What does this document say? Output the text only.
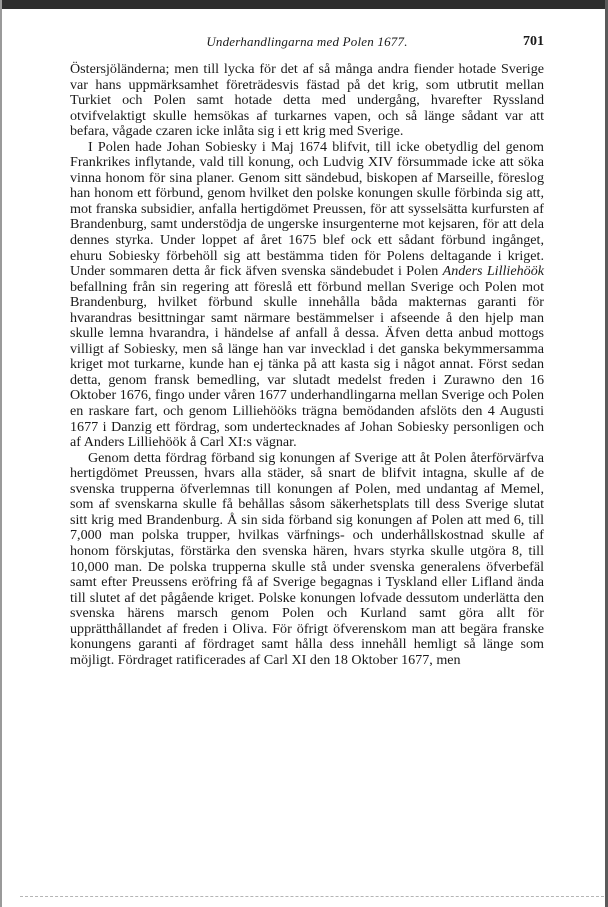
Underhandlingarna med Polen 1677.	701

Östersjöländerna; men till lycka för det af så många andra fiender hotade Sverige var hans uppmärksamhet företrädesvis fästad på det krig, som utbrutit mellan Turkiet och Polen samt hotade detta med undergång, hvarefter Ryssland otvifvelaktigt skulle hemsökas af turkarnes vapen, och så länge sådant var att befara, vågade czaren icke inlåta sig i ett krig med Sverige.

I Polen hade Johan Sobiesky i Maj 1674 blifvit, till icke obetydlig del genom Frankrikes inflytande, vald till konung, och Ludvig XIV försummade icke att söka vinna honom för sina planer. Genom sitt sändebud, biskopen af Marseille, föreslog han honom ett förbund, genom hvilket den polske konungen skulle förbinda sig att, mot franska subsidier, anfalla hertigdömet Preussen, för att sysselsätta kurfursten af Brandenburg, samt understödja de ungerske insurgenterne mot kejsaren, för att dela dennes styrka. Under loppet af året 1675 blef ock ett sådant förbund ingånget, ehuru Sobiesky förbehöll sig att bestämma tiden för Polens deltagande i kriget. Under sommaren detta år fick äfven svenska sändebudet i Polen Anders Lilliehöök befallning från sin regering att föreslå ett förbund mellan Sverige och Polen mot Brandenburg, hvilket förbund skulle innehålla båda makternas garanti för hvarandras besittningar samt närmare bestämmelser i afseende å den hjelp man skulle lemna hvarandra, i händelse af anfall å dessa. Äfven detta anbud mottogs villigt af Sobiesky, men så länge han var invecklad i det ganska bekymmersamma kriget mot turkarne, kunde han ej tänka på att kasta sig i något annat. Först sedan detta, genom fransk bemedling, var slutadt medelst freden i Zurawno den 16 Oktober 1676, fingo under våren 1677 underhandlingarna mellan Sverige och Polen en raskare fart, och genom Lilliehööks trägna bemödanden afslöts den 4 Augusti 1677 i Danzig ett fördrag, som undertecknades af Johan Sobiesky personligen och af Anders Lilliehöök å Carl XI:s vägnar.

Genom detta fördrag förband sig konungen af Sverige att åt Polen återförvärfva hertigdömet Preussen, hvars alla städer, så snart de blifvit intagna, skulle af de svenska trupperna öfverlemnas till konungen af Polen, med undantag af Memel, som af svenskarna skulle få behållas såsom säkerhetsplats till dess Sverige slutat sitt krig med Brandenburg. Å sin sida förband sig konungen af Polen att med 6, till 7,000 man polska trupper, hvilkas värfnings- och underhållskostnad skulle af honom förskjutas, förstärka den svenska hären, hvars styrka skulle utgöra 8, till 10,000 man. De polska trupperna skulle stå under svenska generalens öfverbefäl samt efter Preussens eröfring få af Sverige begagnas i Tyskland eller Lifland ända till slutet af det pågående kriget. Polske konungen lofvade dessutom underlätta den svenska härens marsch genom Polen och Kurland samt göra allt för upprätthållandet af freden i Oliva. För öfrigt öfverenskom man att begära franske konungens garanti af fördraget samt hålla dess innehåll hemligt så länge som möjligt. Fördraget ratificerades af Carl XI den 18 Oktober 1677, men
